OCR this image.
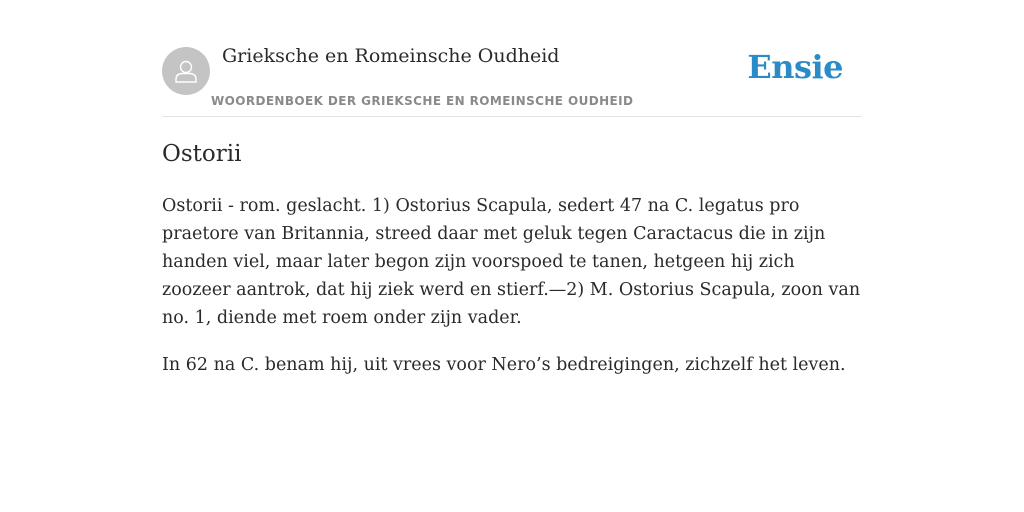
Grieksche en Romeinsche Oudheid
WOORDENBOEK DER GRIEKSCHE EN ROMEINSCHE OUDHEID
Ensie
Ostorii

Ostorii - rom. geslacht. 1) Ostorius Scapula, sedert 47 na C. legatus pro praetore van Britannia, streed daar met geluk tegen Caractacus die in zijn handen viel, maar later begon zijn voorspoed te tanen, hetgeen hij zich zoozeer aantrok, dat hij ziek werd en stierf.—2) M. Ostorius Scapula, zoon van no. 1, diende met roem onder zijn vader.

In 62 na C. benam hij, uit vrees voor Nero’s bedreigingen, zichzelf het leven.
